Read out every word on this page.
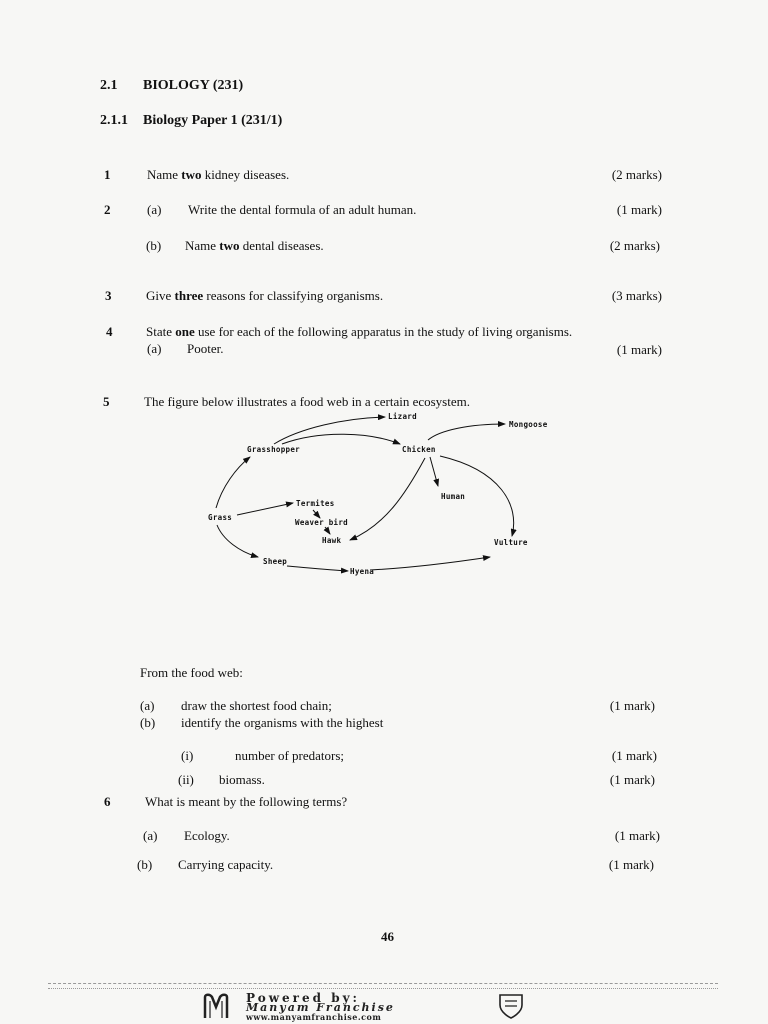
2.1 BIOLOGY (231)
2.1.1 Biology Paper 1 (231/1)
1	Name two kidney diseases.	(2 marks)
2	(a) Write the dental formula of an adult human.	(1 mark)
(b) Name two dental diseases.	(2 marks)
3	Give three reasons for classifying organisms.	(3 marks)
4	State one use for each of the following apparatus in the study of living organisms.
(a) Pooter.	(1 mark)
5	The figure below illustrates a food web in a certain ecosystem.
Lizard
Mongoose
Grasshopper	Chicken
Human
Termites
Grass
Weaver bird
Hawk	Vulture
Sheep
Hyena
From the food web:
(a) draw the shortest food chain;	(1 mark)
(b) identify the organisms with the highest
(i)	number of predators;	(1 mark)
(ii) biomass.	(1 mark)
6	What is meant by the following terms?
(a) Ecology.	(1 mark)
(b) Carrying capacity.	(1 mark)
46
Powered by:
Manyam Franchise
www.manyamfranchise.com
